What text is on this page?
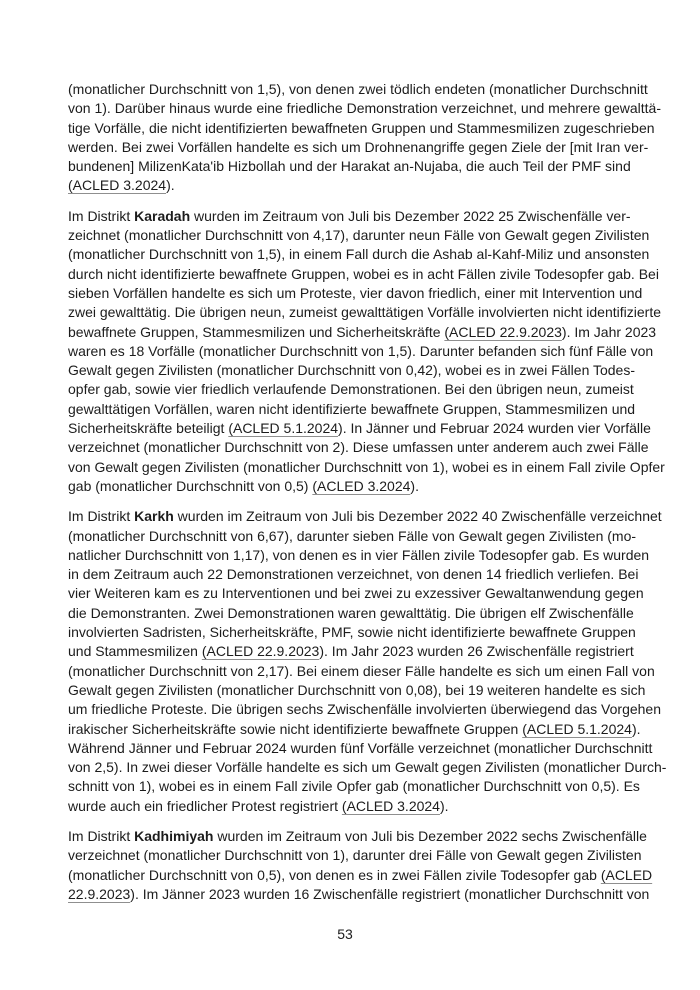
(monatlicher Durchschnitt von 1,5), von denen zwei tödlich endeten (monatlicher Durchschnitt
von 1). Darüber hinaus wurde eine friedliche Demonstration verzeichnet, und mehrere gewalttä-
tige Vorfälle, die nicht identifizierten bewaffneten Gruppen und Stammesmilizen zugeschrieben
werden. Bei zwei Vorfällen handelte es sich um Drohnenangriffe gegen Ziele der [mit Iran ver-
bundenen] MilizenKata'ib Hizbollah und der Harakat an-Nujaba, die auch Teil der PMF sind
(ACLED 3.2024).
Im Distrikt Karadah wurden im Zeitraum von Juli bis Dezember 2022 25 Zwischenfälle ver-
zeichnet (monatlicher Durchschnitt von 4,17), darunter neun Fälle von Gewalt gegen Zivilisten
(monatlicher Durchschnitt von 1,5), in einem Fall durch die Ashab al-Kahf-Miliz und ansonsten
durch nicht identifizierte bewaffnete Gruppen, wobei es in acht Fällen zivile Todesopfer gab. Bei
sieben Vorfällen handelte es sich um Proteste, vier davon friedlich, einer mit Intervention und
zwei gewalttätig. Die übrigen neun, zumeist gewalttätigen Vorfälle involvierten nicht identifizierte
bewaffnete Gruppen, Stammesmilizen und Sicherheitskräfte (ACLED 22.9.2023). Im Jahr 2023
waren es 18 Vorfälle (monatlicher Durchschnitt von 1,5). Darunter befanden sich fünf Fälle von
Gewalt gegen Zivilisten (monatlicher Durchschnitt von 0,42), wobei es in zwei Fällen Todes-
opfer gab, sowie vier friedlich verlaufende Demonstrationen. Bei den übrigen neun, zumeist
gewalttätigen Vorfällen, waren nicht identifizierte bewaffnete Gruppen, Stammesmilizen und
Sicherheitskräfte beteiligt (ACLED 5.1.2024). In Jänner und Februar 2024 wurden vier Vorfälle
verzeichnet (monatlicher Durchschnitt von 2). Diese umfassen unter anderem auch zwei Fälle
von Gewalt gegen Zivilisten (monatlicher Durchschnitt von 1), wobei es in einem Fall zivile Opfer
gab (monatlicher Durchschnitt von 0,5) (ACLED 3.2024).
Im Distrikt Karkh wurden im Zeitraum von Juli bis Dezember 2022 40 Zwischenfälle verzeichnet
(monatlicher Durchschnitt von 6,67), darunter sieben Fälle von Gewalt gegen Zivilisten (mo-
natlicher Durchschnitt von 1,17), von denen es in vier Fällen zivile Todesopfer gab. Es wurden
in dem Zeitraum auch 22 Demonstrationen verzeichnet, von denen 14 friedlich verliefen. Bei
vier Weiteren kam es zu Interventionen und bei zwei zu exzessiver Gewaltanwendung gegen
die Demonstranten. Zwei Demonstrationen waren gewalttätig. Die übrigen elf Zwischenfälle
involvierten Sadristen, Sicherheitskräfte, PMF, sowie nicht identifizierte bewaffnete Gruppen
und Stammesmilizen (ACLED 22.9.2023). Im Jahr 2023 wurden 26 Zwischenfälle registriert
(monatlicher Durchschnitt von 2,17). Bei einem dieser Fälle handelte es sich um einen Fall von
Gewalt gegen Zivilisten (monatlicher Durchschnitt von 0,08), bei 19 weiteren handelte es sich
um friedliche Proteste. Die übrigen sechs Zwischenfälle involvierten überwiegend das Vorgehen
irakischer Sicherheitskräfte sowie nicht identifizierte bewaffnete Gruppen (ACLED 5.1.2024).
Während Jänner und Februar 2024 wurden fünf Vorfälle verzeichnet (monatlicher Durchschnitt
von 2,5). In zwei dieser Vorfälle handelte es sich um Gewalt gegen Zivilisten (monatlicher Durch-
schnitt von 1), wobei es in einem Fall zivile Opfer gab (monatlicher Durchschnitt von 0,5). Es
wurde auch ein friedlicher Protest registriert (ACLED 3.2024).
Im Distrikt Kadhimiyah wurden im Zeitraum von Juli bis Dezember 2022 sechs Zwischenfälle
verzeichnet (monatlicher Durchschnitt von 1), darunter drei Fälle von Gewalt gegen Zivilisten
(monatlicher Durchschnitt von 0,5), von denen es in zwei Fällen zivile Todesopfer gab (ACLED
22.9.2023). Im Jänner 2023 wurden 16 Zwischenfälle registriert (monatlicher Durchschnitt von
53
